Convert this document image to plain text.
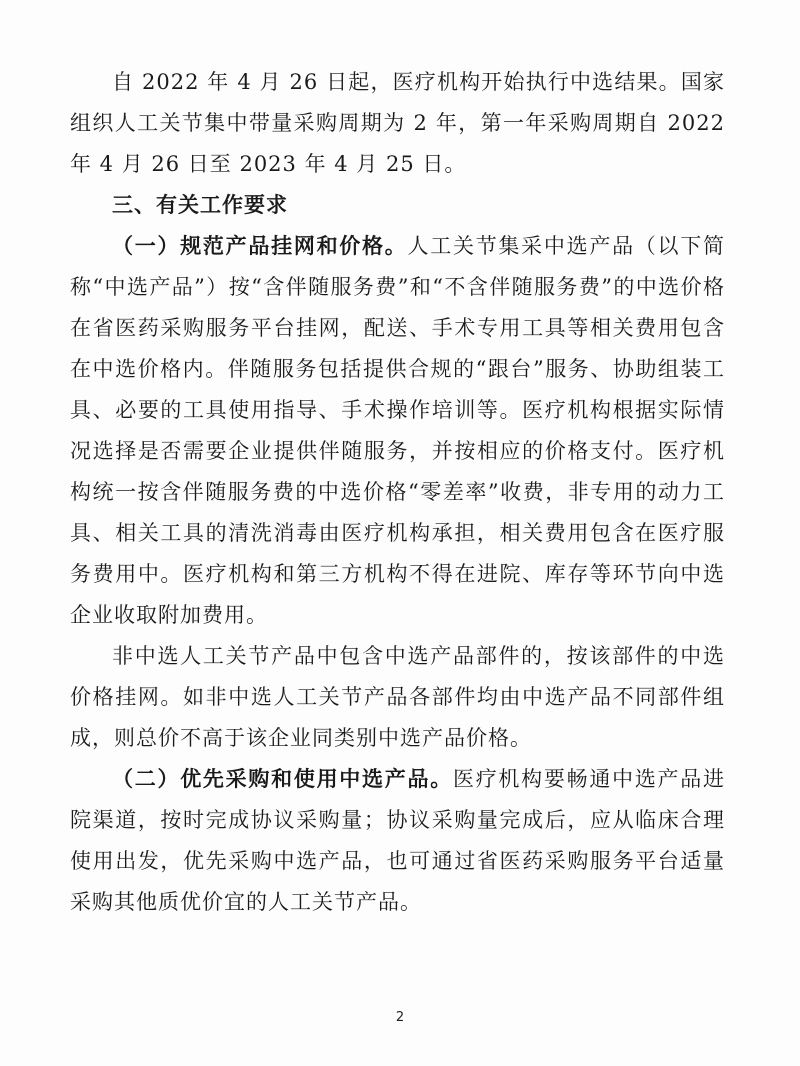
自 2022 年 4 月 26 日起，医疗机构开始执行中选结果。国家组织人工关节集中带量采购周期为 2 年，第一年采购周期自 2022 年 4 月 26 日至 2023 年 4 月 25 日。

三、有关工作要求

（一）规范产品挂网和价格。人工关节集采中选产品（以下简称“中选产品”）按“含伴随服务费”和“不含伴随服务费”的中选价格在省医药采购服务平台挂网，配送、手术专用工具等相关费用包含在中选价格内。伴随服务包括提供合规的“跟台”服务、协助组装工具、必要的工具使用指导、手术操作培训等。医疗机构根据实际情况选择是否需要企业提供伴随服务，并按相应的价格支付。医疗机构统一按含伴随服务费的中选价格“零差率”收费，非专用的动力工具、相关工具的清洗消毒由医疗机构承担，相关费用包含在医疗服务费用中。医疗机构和第三方机构不得在进院、库存等环节向中选企业收取附加费用。

非中选人工关节产品中包含中选产品部件的，按该部件的中选价格挂网。如非中选人工关节产品各部件均由中选产品不同部件组成，则总价不高于该企业同类别中选产品价格。

（二）优先采购和使用中选产品。医疗机构要畅通中选产品进院渠道，按时完成协议采购量；协议采购量完成后，应从临床合理使用出发，优先采购中选产品，也可通过省医药采购服务平台适量采购其他质优价宜的人工关节产品。

2
